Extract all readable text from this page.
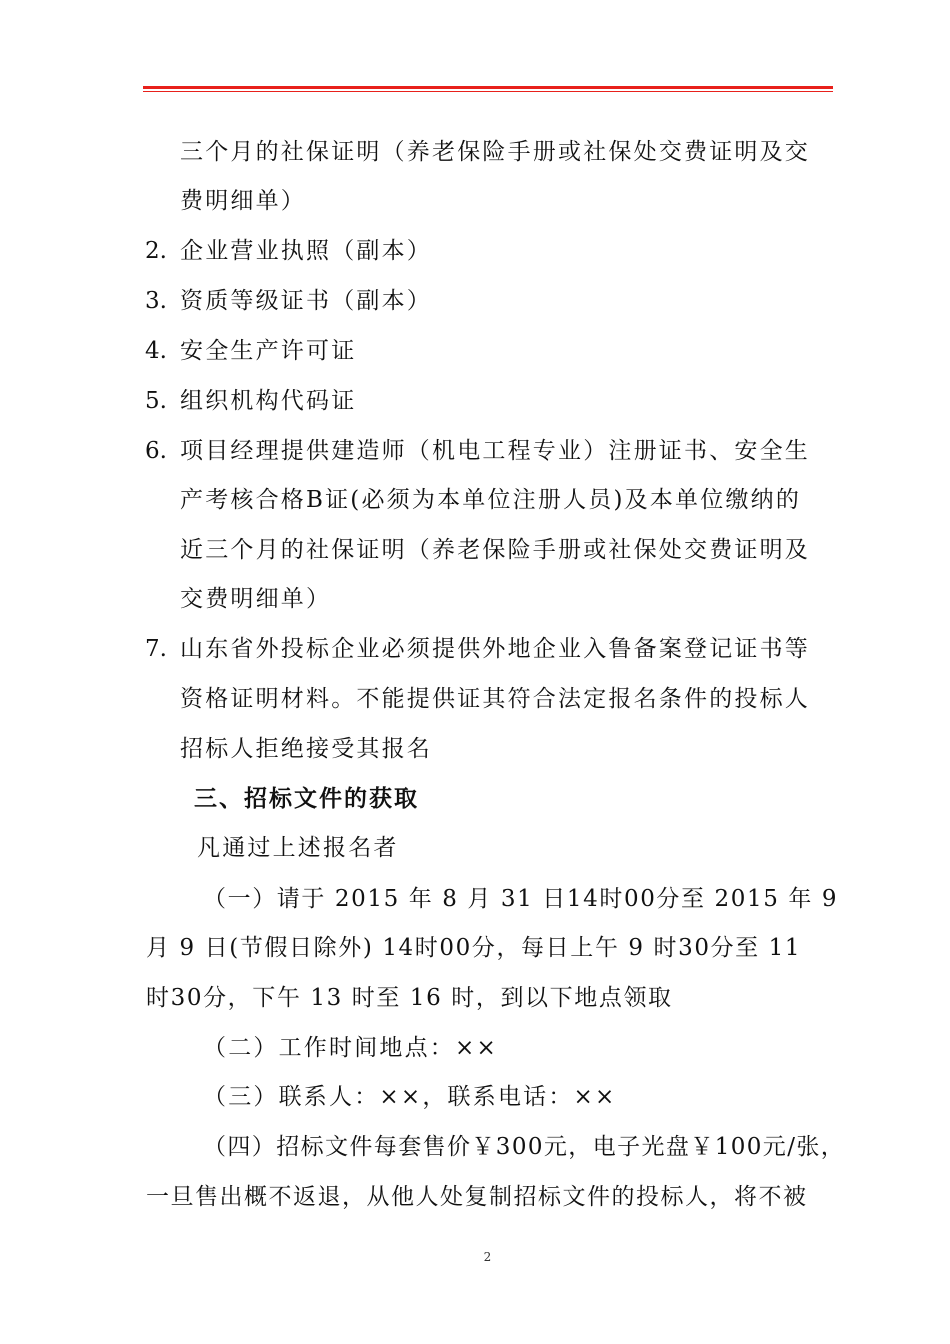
三个月的社保证明（养老保险手册或社保处交费证明及交
费明细单）
2. 企业营业执照（副本）
3. 资质等级证书（副本）
4. 安全生产许可证
5. 组织机构代码证
6. 项目经理提供建造师（机电工程专业）注册证书、安全生
产考核合格B证(必须为本单位注册人员)及本单位缴纳的
近三个月的社保证明（养老保险手册或社保处交费证明及
交费明细单）
7. 山东省外投标企业必须提供外地企业入鲁备案登记证书等
资格证明材料。不能提供证其符合法定报名条件的投标人
招标人拒绝接受其报名
三、招标文件的获取
凡通过上述报名者
（一）请于 2015 年 8 月 31 日14时00分至 2015 年 9
月 9 日(节假日除外) 14时00分，每日上午 9 时30分至 11
时30分，下午 13 时至 16 时，到以下地点领取
（二）工作时间地点：××
（三）联系人：××，联系电话：××
（四）招标文件每套售价￥300元，电子光盘￥100元/张，
一旦售出概不返退，从他人处复制招标文件的投标人，将不被
2
